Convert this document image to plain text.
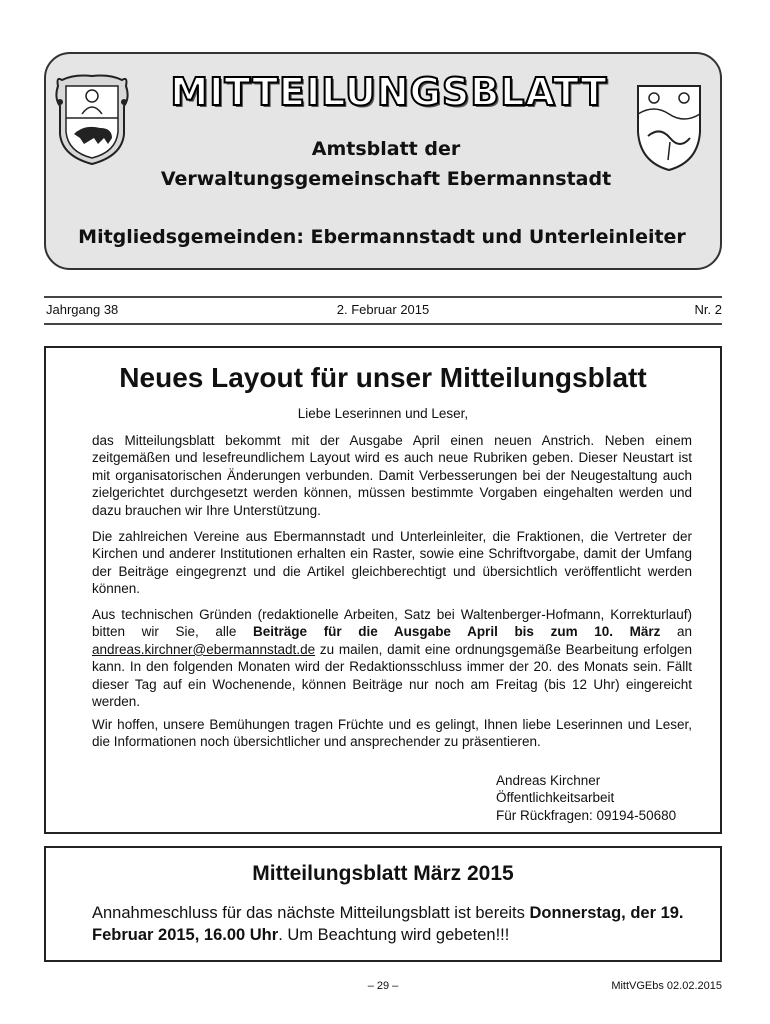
MITTEILUNGSBLATT
Amtsblatt der
Verwaltungsgemeinschaft Ebermannstadt
Mitgliedsgemeinden: Ebermannstadt und Unterleinleiter
Jahrgang 38	2. Februar 2015	Nr. 2
Neues Layout für unser Mitteilungsblatt
Liebe Leserinnen und Leser,
das Mitteilungsblatt bekommt mit der Ausgabe April einen neuen Anstrich. Neben einem zeitgemäßen und lesefreundlichem Layout wird es auch neue Rubriken geben. Dieser Neustart ist mit organisatorischen Änderungen verbunden. Damit Verbesserungen bei der Neugestaltung auch zielgerichtet durchgesetzt werden können, müssen bestimmte Vorgaben eingehalten werden und dazu brauchen wir Ihre Unterstützung.
Die zahlreichen Vereine aus Ebermannstadt und Unterleinleiter, die Fraktionen, die Vertreter der Kirchen und anderer Institutionen erhalten ein Raster, sowie eine Schriftvorgabe, damit der Umfang der Beiträge eingegrenzt und die Artikel gleichberechtigt und übersichtlich veröffentlicht werden können.
Aus technischen Gründen (redaktionelle Arbeiten, Satz bei Waltenberger-Hofmann, Korrekturlauf) bitten wir Sie, alle Beiträge für die Ausgabe April bis zum 10. März an andreas.kirchner@ebermannstadt.de zu mailen, damit eine ordnungsgemäße Bearbeitung erfolgen kann. In den folgenden Monaten wird der Redaktionsschluss immer der 20. des Monats sein. Fällt dieser Tag auf ein Wochenende, können Beiträge nur noch am Freitag (bis 12 Uhr) eingereicht werden.
Wir hoffen, unsere Bemühungen tragen Früchte und es gelingt, Ihnen liebe Leserinnen und Leser, die Informationen noch übersichtlicher und ansprechender zu präsentieren.
Andreas Kirchner
Öffentlichkeitsarbeit
Für Rückfragen: 09194-50680
Mitteilungsblatt März 2015
Annahmeschluss für das nächste Mitteilungsblatt ist bereits Donnerstag, der 19. Februar 2015, 16.00 Uhr. Um Beachtung wird gebeten!!!
– 29 –	MittVGEbs 02.02.2015
